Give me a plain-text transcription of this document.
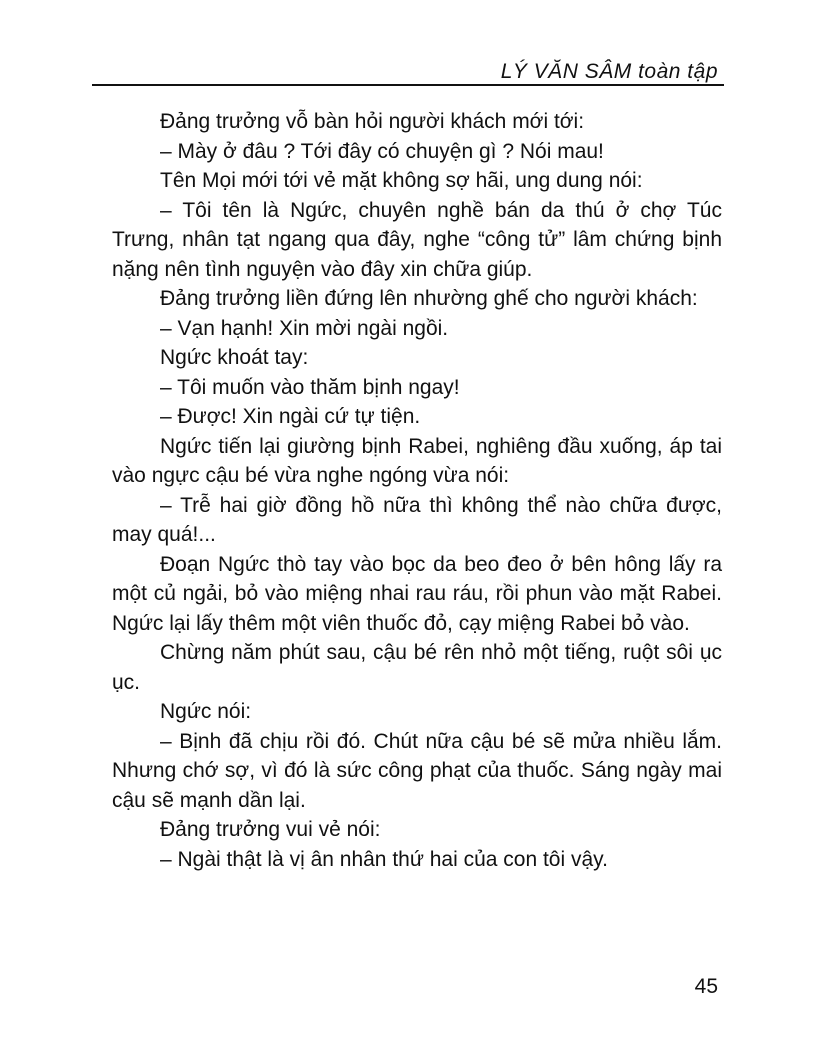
LÝ VĂN SÂM toàn tập

Đảng trưởng vỗ bàn hỏi người khách mới tới:

– Mày ở đâu ? Tới đây có chuyện gì ? Nói mau!

Tên Mọi mới tới vẻ mặt không sợ hãi, ung dung nói:

– Tôi tên là Ngức, chuyên nghề bán da thú ở chợ Túc Trưng, nhân tạt ngang qua đây, nghe “công tử” lâm chứng bịnh nặng nên tình nguyện vào đây xin chữa giúp.

Đảng trưởng liền đứng lên nhường ghế cho người khách:

– Vạn hạnh! Xin mời ngài ngồi.

Ngức khoát tay:

– Tôi muốn vào thăm bịnh ngay!

– Được! Xin ngài cứ tự tiện.

Ngức tiến lại giường bịnh Rabei, nghiêng đầu xuống, áp tai vào ngực cậu bé vừa nghe ngóng vừa nói:

– Trễ hai giờ đồng hồ nữa thì không thể nào chữa được, may quá!...

Đoạn Ngức thò tay vào bọc da beo đeo ở bên hông lấy ra một củ ngải, bỏ vào miệng nhai rau ráu, rồi phun vào mặt Rabei. Ngức lại lấy thêm một viên thuốc đỏ, cạy miệng Rabei bỏ vào.

Chừng năm phút sau, cậu bé rên nhỏ một tiếng, ruột sôi ục ục.

Ngức nói:

– Bịnh đã chịu rồi đó. Chút nữa cậu bé sẽ mửa nhiều lắm. Nhưng chớ sợ, vì đó là sức công phạt của thuốc. Sáng ngày mai cậu sẽ mạnh dần lại.

Đảng trưởng vui vẻ nói:

– Ngài thật là vị ân nhân thứ hai của con tôi vậy.

45
